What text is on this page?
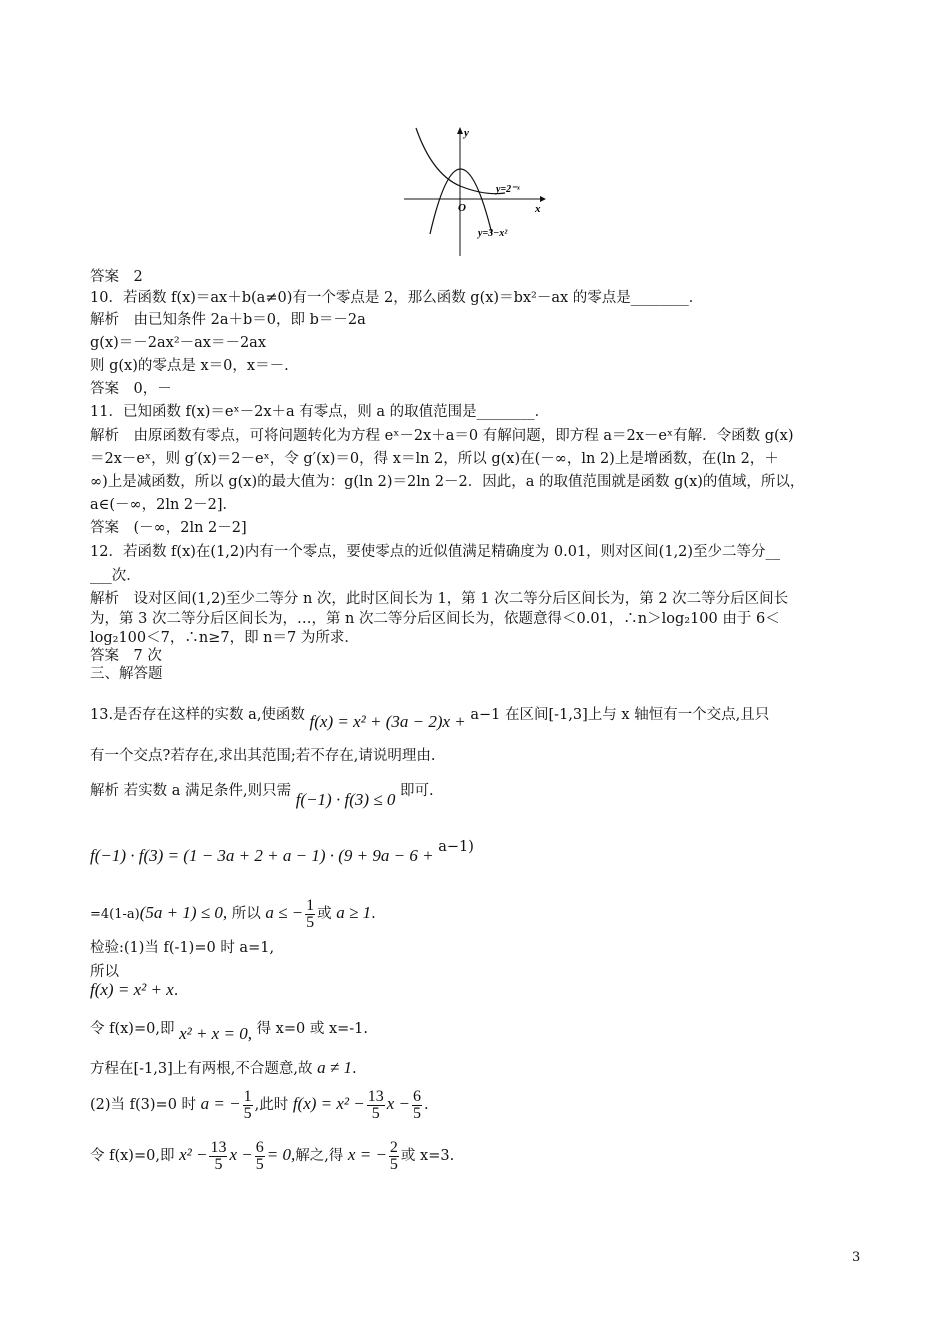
y
x
O
y=2⁻ˣ
y=3−x²
答案　2
10．若函数 f(x)＝ax＋b(a≠0)有一个零点是 2，那么函数 g(x)＝bx²－ax 的零点是________．
解析　由已知条件 2a＋b＝0，即 b＝－2a
g(x)＝－2ax²－ax＝－2ax
则 g(x)的零点是 x＝0，x＝－.
答案　0，－
11．已知函数 f(x)＝eˣ－2x＋a 有零点，则 a 的取值范围是________．
解析　由原函数有零点，可将问题转化为方程 eˣ－2x＋a＝0 有解问题，即方程 a＝2x－eˣ有解．令函数 g(x)
＝2x－eˣ，则 g′(x)＝2－eˣ，令 g′(x)＝0，得 x＝ln 2，所以 g(x)在(－∞，ln 2)上是增函数，在(ln 2，＋
∞)上是减函数，所以 g(x)的最大值为：g(ln 2)＝2ln 2－2．因此，a 的取值范围就是函数 g(x)的值域，所以，
a∈(－∞，2ln 2－2]．
答案　(－∞，2ln 2－2]
12．若函数 f(x)在(1,2)内有一个零点，要使零点的近似值满足精确度为 0.01，则对区间(1,2)至少二等分__
___次．
解析　设对区间(1,2)至少二等分 n 次，此时区间长为 1，第 1 次二等分后区间长为，第 2 次二等分后区间长
为，第 3 次二等分后区间长为，…，第 n 次二等分后区间长为，依题意得＜0.01，∴n＞log₂100 由于 6＜
log₂100＜7，∴n≥7，即 n＝7 为所求．
答案　7 次
三、解答题
13.是否存在这样的实数 a,使函数 f(x) = x² + (3a − 2)x + a−1 在区间[-1,3]上与 x 轴恒有一个交点,且只
有一个交点?若存在,求出其范围;若不存在,请说明理由.
解析 若实数 a 满足条件,则只需 f(−1) · f(3) ≤ 0 即可.
f(−1) · f(3) = (1 − 3a + 2 + a − 1) · (9 + 9a − 6 + a−1)
=4(1-a)(5a + 1) ≤ 0, 所以 a ≤ − $\frac{1}{5}$ 或 a ≥ 1.
检验:(1)当 f(-1)=0 时 a=1,
所以
f(x) = x² + x.
令 f(x)=0,即 x² + x = 0, 得 x=0 或 x=-1.
方程在[-1,3]上有两根,不合题意,故 a ≠ 1.
(2)当 f(3)=0 时 a = − $\frac{1}{5}$ ,此时 $f(x) = x^2 - \frac{13}{5}$ $x - \frac{6}{5}$ .
令 f(x)=0,即 $x^2 - \frac{13}{5}$ $x - \frac{6}{5} = 0$,解之,得 x = − $\frac{2}{5}$ 或 x=3.
3
